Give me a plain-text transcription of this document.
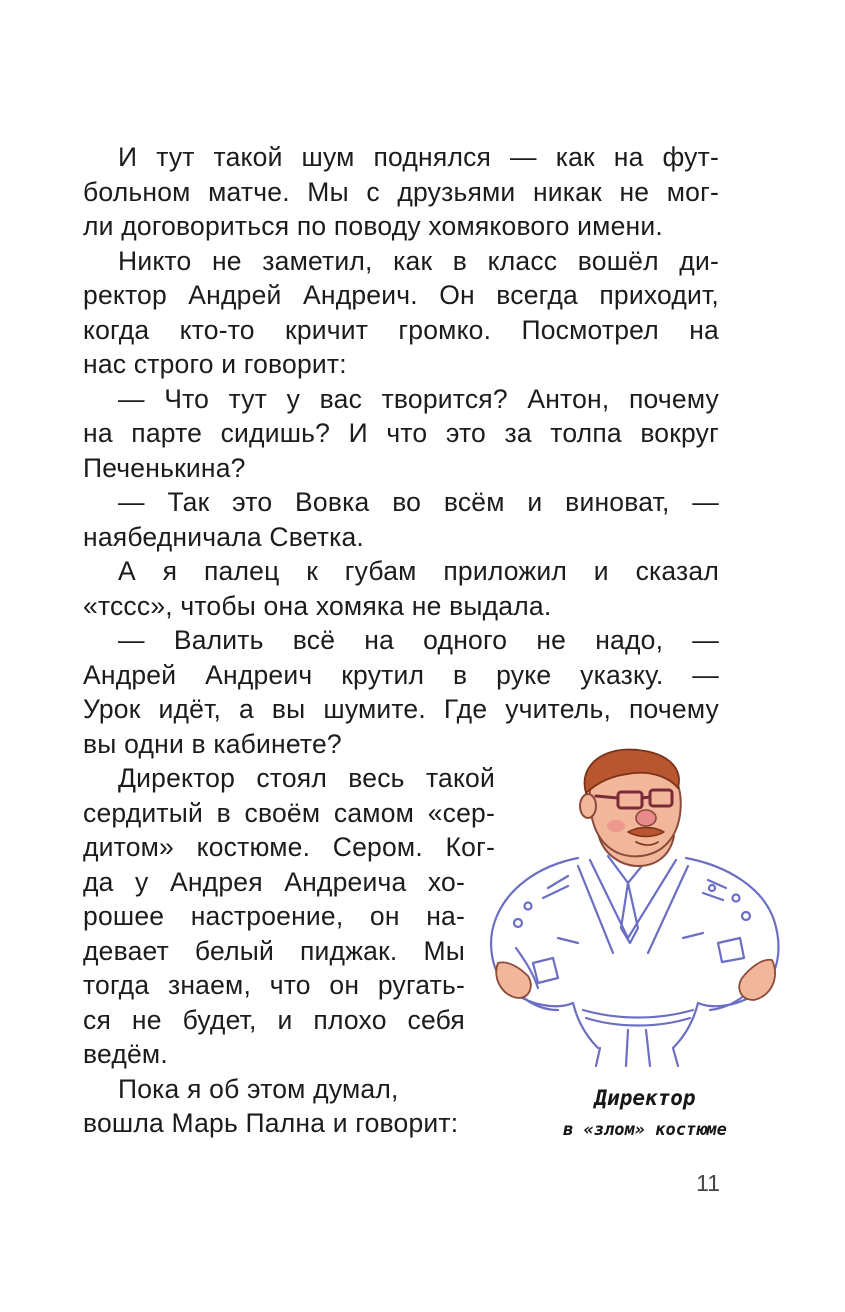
И тут такой шум поднялся — как на фут-
больном матче. Мы с друзьями никак не мог-
ли договориться по поводу хомякового имени.
Никто не заметил, как в класс вошёл ди-
ректор Андрей Андреич. Он всегда приходит,
когда кто-то кричит громко. Посмотрел на
нас строго и говорит:
— Что тут у вас творится? Антон, почему
на парте сидишь? И что это за толпа вокруг
Печенькина?
— Так это Вовка во всём и виноват, —
наябедничала Светка.
А я палец к губам приложил и сказал
«тссс», чтобы она хомяка не выдала.
— Валить всё на одного не надо, —
Андрей Андреич крутил в руке указку. —
Урок идёт, а вы шумите. Где учитель, почему
вы одни в кабинете?
Директор стоял весь такой
сердитый в своём самом «сер-
дитом» костюме. Сером. Ког-
да у Андрея Андреича хо-
рошее настроение, он на-
девает белый пиджак. Мы
тогда знаем, что он ругать-
ся не будет, и плохо себя
ведём.
Пока я об этом думал,
вошла Марь Пална и говорит:
Директор
в «злом» костюме
11
